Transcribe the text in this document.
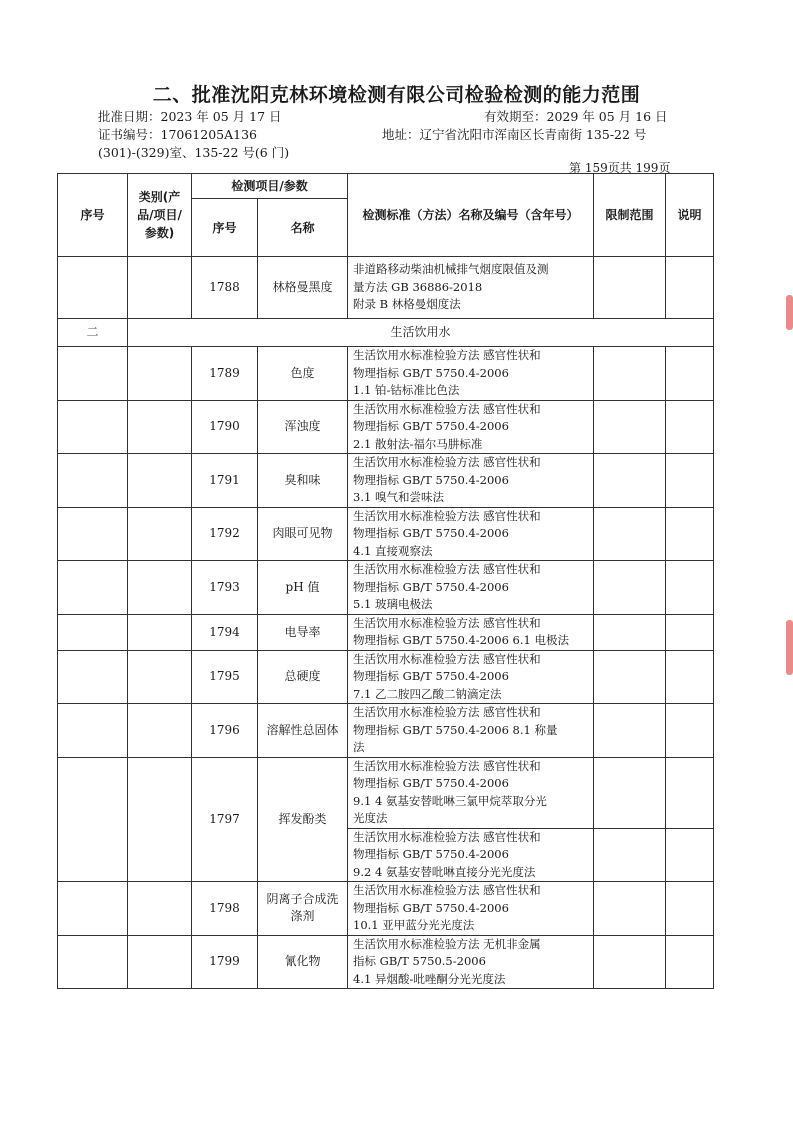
二、批准沈阳克林环境检测有限公司检验检测的能力范围
批准日期：2023 年 05 月 17 日	有效期至：2029 年 05 月 16 日
证书编号：17061205A136	地址：辽宁省沈阳市浑南区长青南街 135-22 号
(301)-(329)室、135-22 号(6 门)
第 159页共 199页
序号	类别(产品/项目/参数)	检测项目/参数		检测标准（方法）名称及编号（含年号）	限制范围	说明
		序号	名称			
		1788	林格曼黑度	非道路移动柴油机械排气烟度限值及测
量方法 GB 36886-2018
附录 B 林格曼烟度法		

二	生活饮用水					
		1789	色度	生活饮用水标准检验方法 感官性状和
物理指标 GB/T 5750.4-2006
1.1 铂-钴标准比色法		

		1790	浑浊度	生活饮用水标准检验方法 感官性状和
物理指标 GB/T 5750.4-2006
2.1 散射法-福尔马肼标准		

		1791	臭和味	生活饮用水标准检验方法 感官性状和
物理指标 GB/T 5750.4-2006
3.1 嗅气和尝味法		

		1792	肉眼可见物	生活饮用水标准检验方法 感官性状和
物理指标 GB/T 5750.4-2006
4.1 直接观察法		

		1793	pH 值	生活饮用水标准检验方法 感官性状和
物理指标 GB/T 5750.4-2006
5.1 玻璃电极法		

		1794	电导率	生活饮用水标准检验方法 感官性状和
物理指标 GB/T 5750.4-2006 6.1 电极法		

		1795	总硬度	生活饮用水标准检验方法 感官性状和
物理指标 GB/T 5750.4-2006
7.1 乙二胺四乙酸二钠滴定法		

		1796	溶解性总固体	生活饮用水标准检验方法 感官性状和
物理指标 GB/T 5750.4-2006 8.1 称量
法		

		1797	挥发酚类	生活饮用水标准检验方法 感官性状和
物理指标 GB/T 5750.4-2006
9.1 4 氨基安替吡啉三氯甲烷萃取分光
光度法		

				生活饮用水标准检验方法 感官性状和
物理指标 GB/T 5750.4-2006
9.2 4 氨基安替吡啉直接分光光度法		

		1798	阴离子合成洗涤剂	生活饮用水标准检验方法 感官性状和
物理指标 GB/T 5750.4-2006
10.1 亚甲蓝分光光度法		

		1799	氰化物	生活饮用水标准检验方法 无机非金属
指标 GB/T 5750.5-2006
4.1 异烟酸-吡唑酮分光光度法		
